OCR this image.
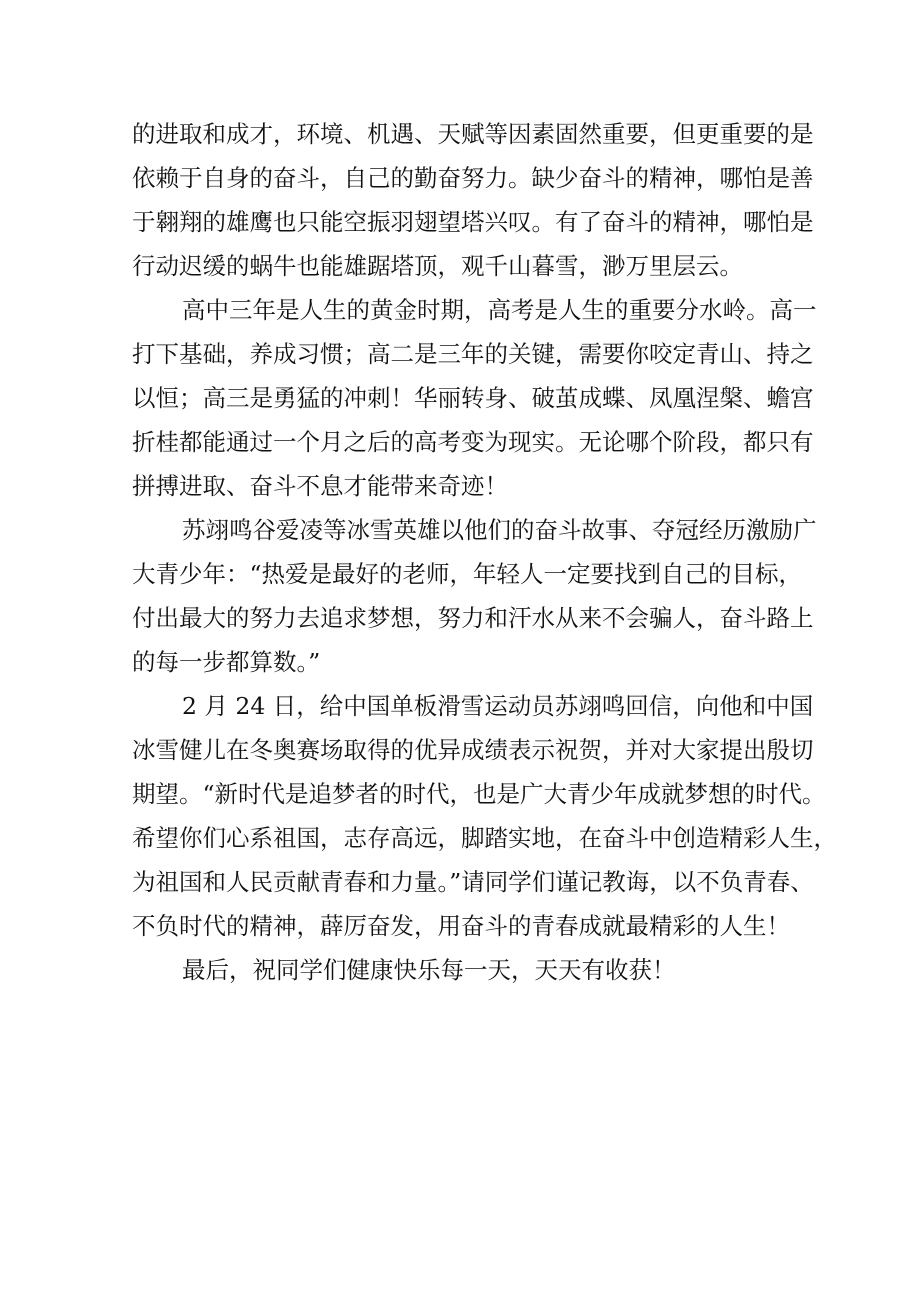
的进取和成才，环境、机遇、天赋等因素固然重要，但更重要的是
依赖于自身的奋斗，自己的勤奋努力。缺少奋斗的精神，哪怕是善
于翱翔的雄鹰也只能空振羽翅望塔兴叹。有了奋斗的精神，哪怕是
行动迟缓的蜗牛也能雄踞塔顶，观千山暮雪，渺万里层云。
高中三年是人生的黄金时期，高考是人生的重要分水岭。高一
打下基础，养成习惯；高二是三年的关键，需要你咬定青山、持之
以恒；高三是勇猛的冲刺！华丽转身、破茧成蝶、凤凰涅槃、蟾宫
折桂都能通过一个月之后的高考变为现实。无论哪个阶段，都只有
拼搏进取、奋斗不息才能带来奇迹！
苏翊鸣谷爱凌等冰雪英雄以他们的奋斗故事、夺冠经历激励广
大青少年：“热爱是最好的老师，年轻人一定要找到自己的目标，
付出最大的努力去追求梦想，努力和汗水从来不会骗人，奋斗路上
的每一步都算数。”
2 月 24 日，给中国单板滑雪运动员苏翊鸣回信，向他和中国
冰雪健儿在冬奥赛场取得的优异成绩表示祝贺，并对大家提出殷切
期望。“新时代是追梦者的时代，也是广大青少年成就梦想的时代。
希望你们心系祖国，志存高远，脚踏实地，在奋斗中创造精彩人生，
为祖国和人民贡献青春和力量。”请同学们谨记教诲，以不负青春、
不负时代的精神，薜厉奋发，用奋斗的青春成就最精彩的人生！
最后，祝同学们健康快乐每一天，天天有收获！
